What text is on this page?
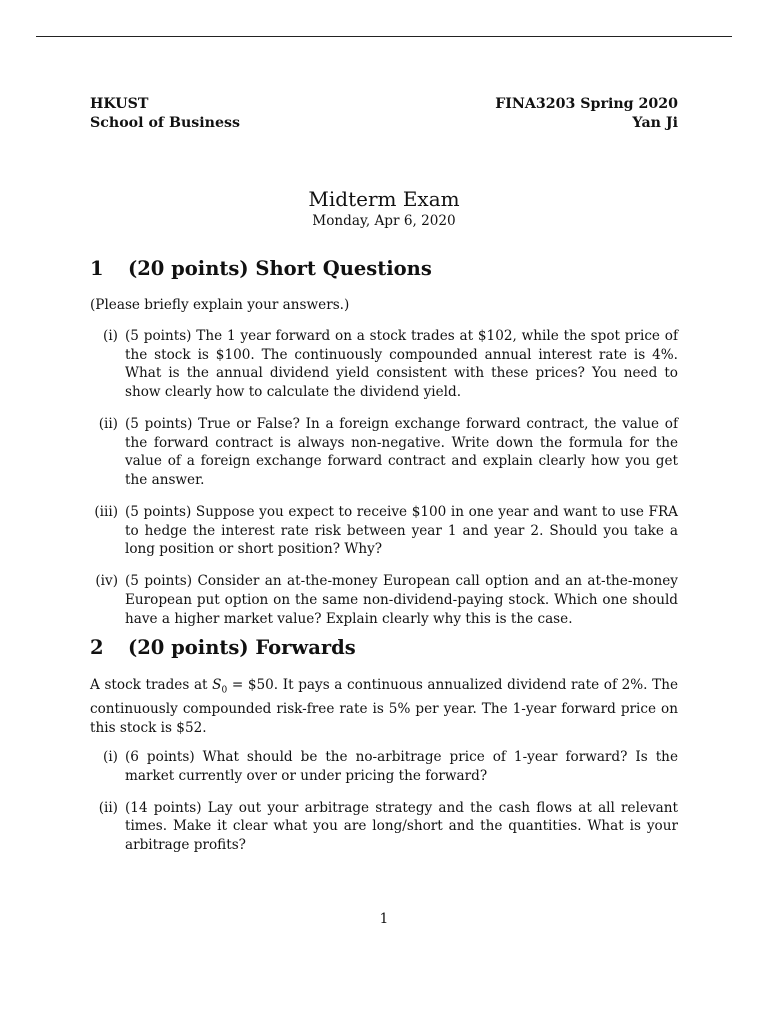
HKUST
School of Business
FINA3203 Spring 2020
Yan Ji

Midterm Exam

Monday, Apr 6, 2020

1 (20 points) Short Questions

(Please briefly explain your answers.)

(i) (5 points) The 1 year forward on a stock trades at $102, while the spot price of the stock is $100. The continuously compounded annual interest rate is 4%. What is the annual dividend yield consistent with these prices? You need to show clearly how to calculate the dividend yield.
(ii) (5 points) True or False? In a foreign exchange forward contract, the value of the forward contract is always non-negative. Write down the formula for the value of a foreign exchange forward contract and explain clearly how you get the answer.
(iii) (5 points) Suppose you expect to receive $100 in one year and want to use FRA to hedge the interest rate risk between year 1 and year 2. Should you take a long position or short position? Why?
(iv) (5 points) Consider an at-the-money European call option and an at-the-money European put option on the same non-dividend-paying stock. Which one should have a higher market value? Explain clearly why this is the case.
2 (20 points) Forwards

A stock trades at $S_0$ = $50. It pays a continuous annualized dividend rate of 2%. The continuously compounded risk-free rate is 5% per year. The 1-year forward price on this stock is $52.

(i) (6 points) What should be the no-arbitrage price of 1-year forward? Is the market currently over or under pricing the forward?
(ii) (14 points) Lay out your arbitrage strategy and the cash flows at all relevant times. Make it clear what you are long/short and the quantities. What is your arbitrage profits?
1
